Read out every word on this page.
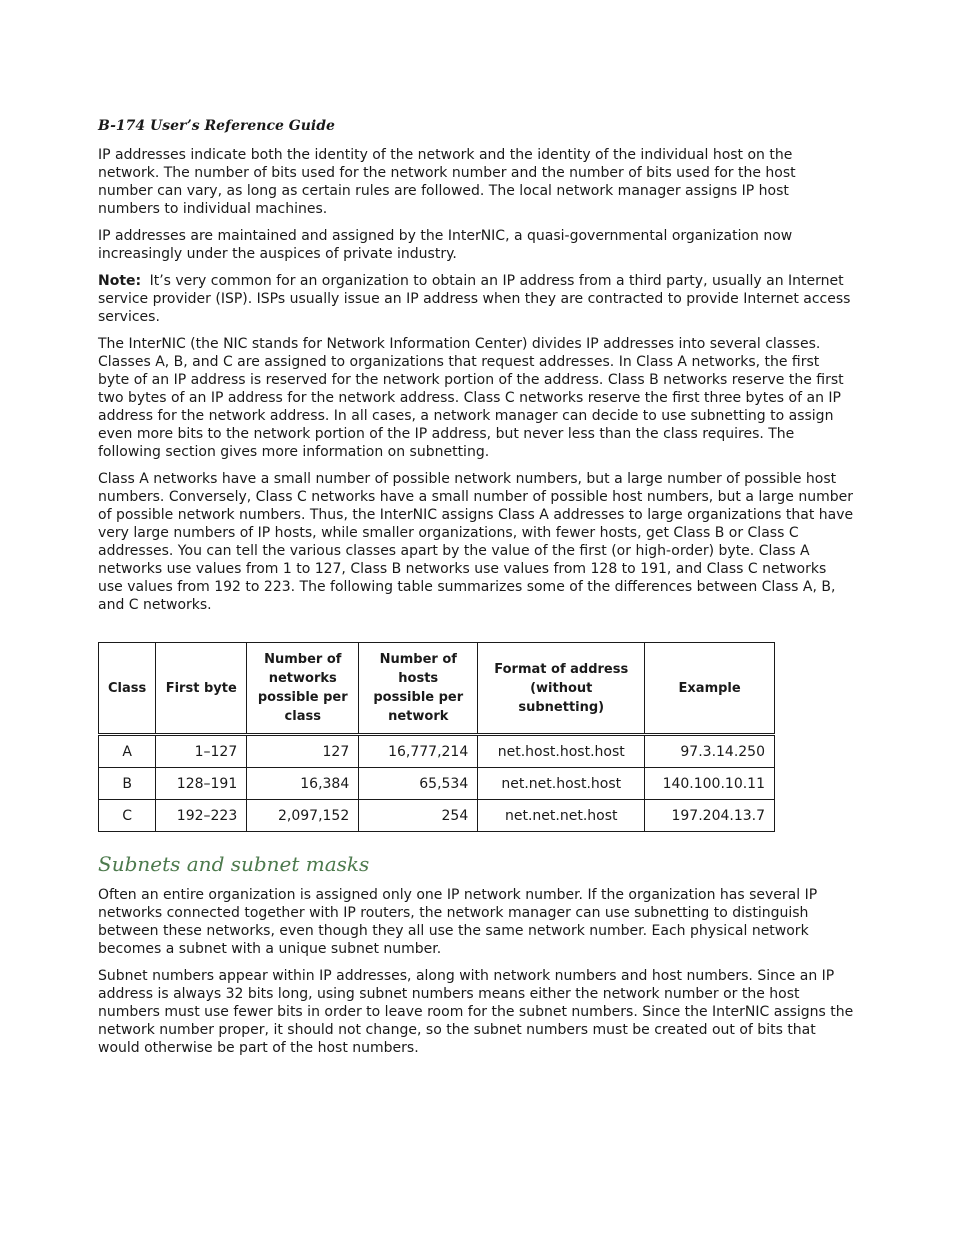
B-174 User’s Reference Guide

IP addresses indicate both the identity of the network and the identity of the individual host on the network. The number of bits used for the network number and the number of bits used for the host number can vary, as long as certain rules are followed. The local network manager assigns IP host numbers to individual machines.

IP addresses are maintained and assigned by the InterNIC, a quasi-governmental organization now increasingly under the auspices of private industry.

Note: It’s very common for an organization to obtain an IP address from a third party, usually an Internet service provider (ISP). ISPs usually issue an IP address when they are contracted to provide Internet access services.

The InterNIC (the NIC stands for Network Information Center) divides IP addresses into several classes. Classes A, B, and C are assigned to organizations that request addresses. In Class A networks, the first byte of an IP address is reserved for the network portion of the address. Class B networks reserve the first two bytes of an IP address for the network address. Class C networks reserve the first three bytes of an IP address for the network address. In all cases, a network manager can decide to use subnetting to assign even more bits to the network portion of the IP address, but never less than the class requires. The following section gives more information on subnetting.

Class A networks have a small number of possible network numbers, but a large number of possible host numbers. Conversely, Class C networks have a small number of possible host numbers, but a large number of possible network numbers. Thus, the InterNIC assigns Class A addresses to large organizations that have very large numbers of IP hosts, while smaller organizations, with fewer hosts, get Class B or Class C addresses. You can tell the various classes apart by the value of the first (or high-order) byte. Class A networks use values from 1 to 127, Class B networks use values from 128 to 191, and Class C networks use values from 192 to 223. The following table summarizes some of the differences between Class A, B, and C networks.

Class	First byte	Number of networks possible per class	Number of hosts possible per network	Format of address (without subnetting)	Example
A	1–127	127	16,777,214	net.host.host.host	97.3.14.250
B	128–191	16,384	65,534	net.net.host.host	140.100.10.11
C	192–223	2,097,152	254	net.net.net.host	197.204.13.7
Subnets and subnet masks

Often an entire organization is assigned only one IP network number. If the organization has several IP networks connected together with IP routers, the network manager can use subnetting to distinguish between these networks, even though they all use the same network number. Each physical network becomes a subnet with a unique subnet number.

Subnet numbers appear within IP addresses, along with network numbers and host numbers. Since an IP address is always 32 bits long, using subnet numbers means either the network number or the host numbers must use fewer bits in order to leave room for the subnet numbers. Since the InterNIC assigns the network number proper, it should not change, so the subnet numbers must be created out of bits that would otherwise be part of the host numbers.
